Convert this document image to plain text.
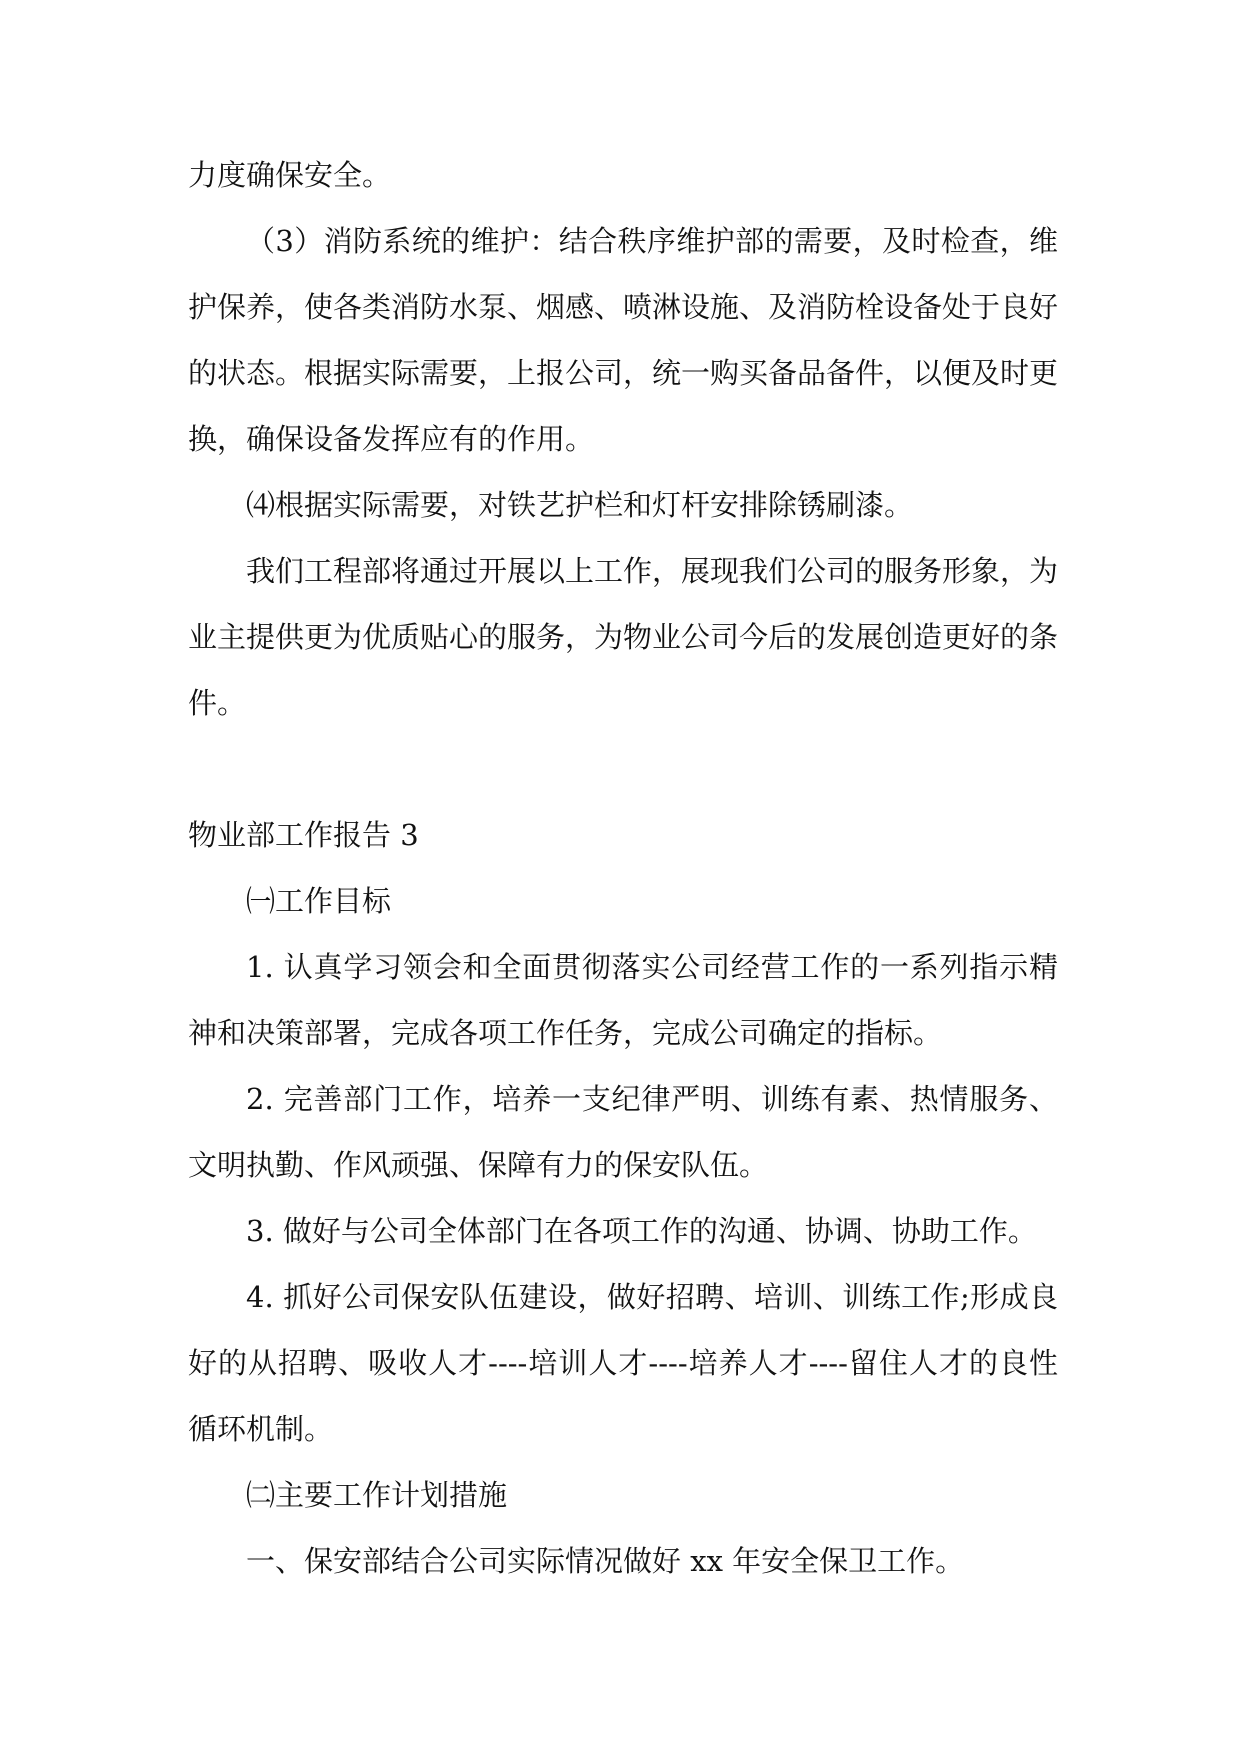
力度确保安全。

（3）消防系统的维护：结合秩序维护部的需要，及时检查，维护保养，使各类消防水泵、烟感、喷淋设施、及消防栓设备处于良好的状态。根据实际需要，上报公司，统一购买备品备件，以便及时更换，确保设备发挥应有的作用。

⑷根据实际需要，对铁艺护栏和灯杆安排除锈刷漆。

我们工程部将通过开展以上工作，展现我们公司的服务形象，为业主提供更为优质贴心的服务，为物业公司今后的发展创造更好的条件。

物业部工作报告 3

㈠工作目标

1. 认真学习领会和全面贯彻落实公司经营工作的一系列指示精神和决策部署，完成各项工作任务，完成公司确定的指标。

2. 完善部门工作，培养一支纪律严明、训练有素、热情服务、文明执勤、作风顽强、保障有力的保安队伍。

3. 做好与公司全体部门在各项工作的沟通、协调、协助工作。

4. 抓好公司保安队伍建设，做好招聘、培训、训练工作;形成良好的从招聘、吸收人才----培训人才----培养人才----留住人才的良性循环机制。

㈡主要工作计划措施

一、保安部结合公司实际情况做好 xx 年安全保卫工作。
